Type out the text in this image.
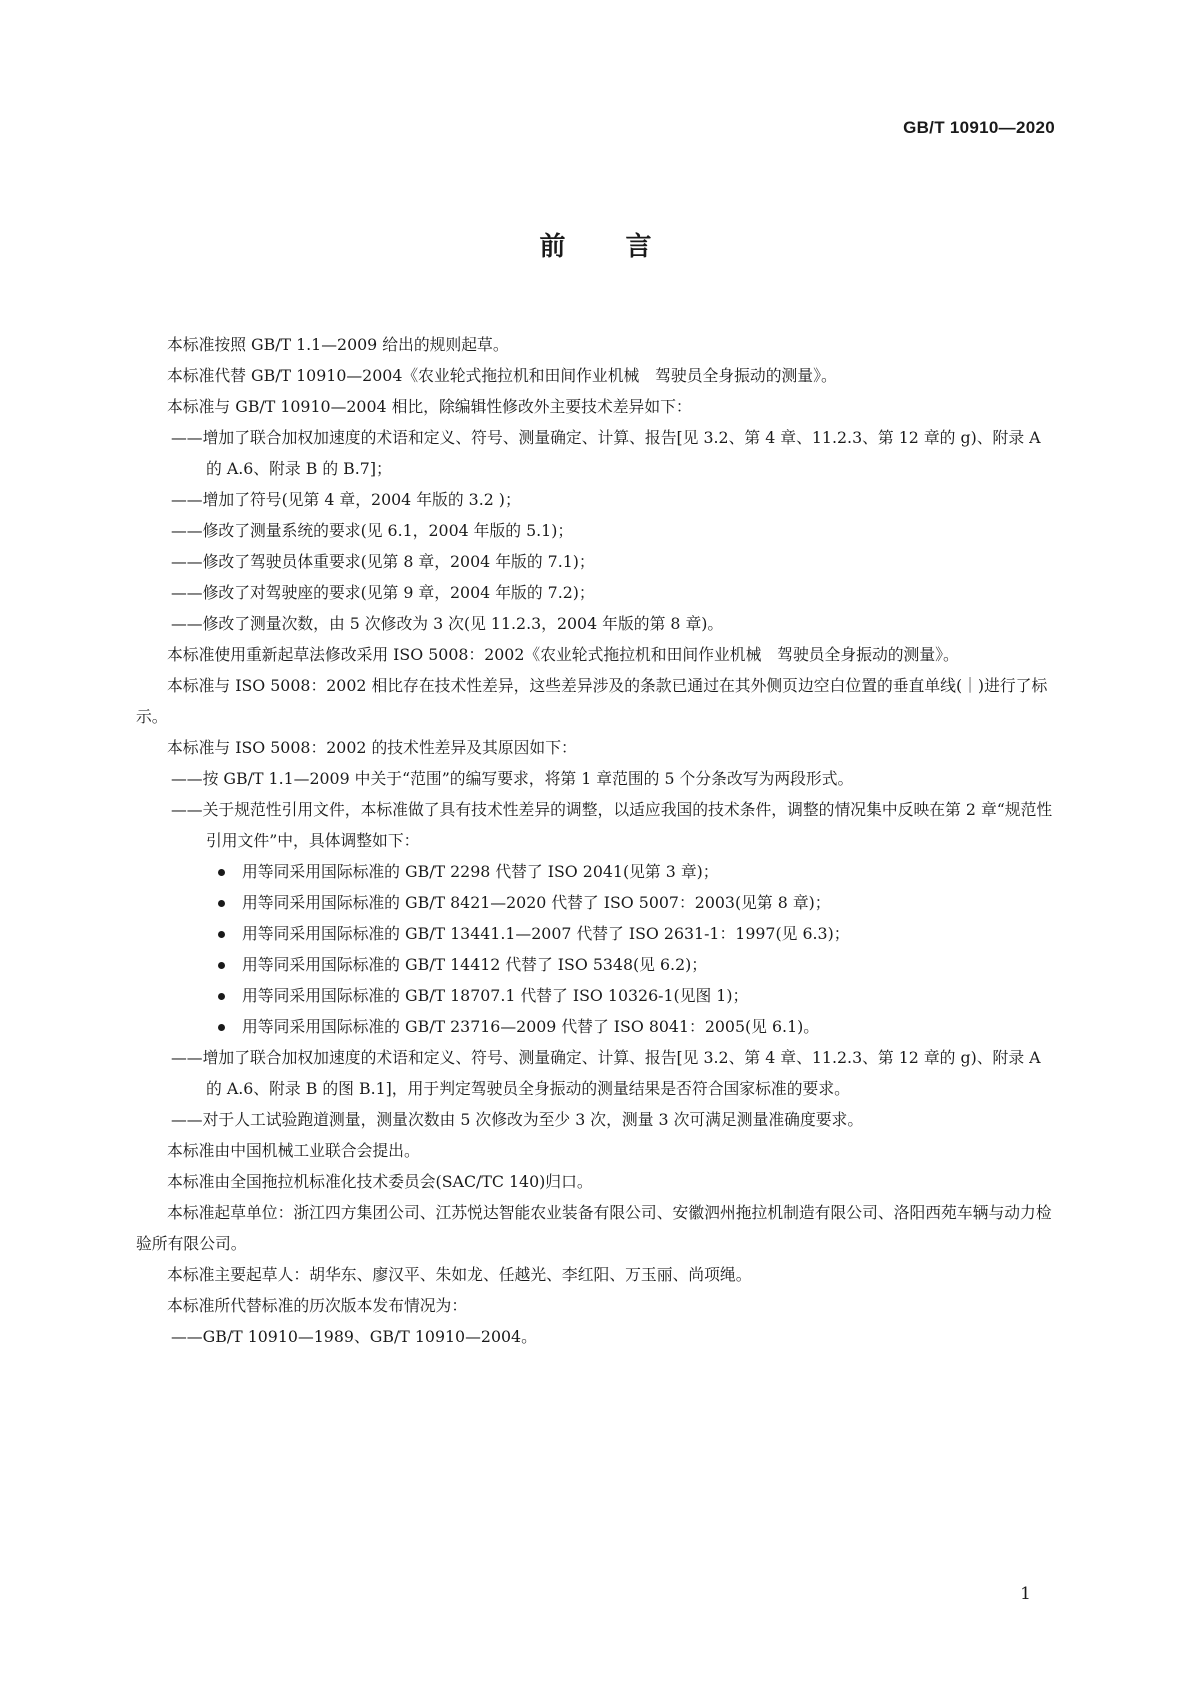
GB/T 10910—2020
前 言

本标准按照 GB/T 1.1—2009 给出的规则起草。

本标准代替 GB/T 10910—2004《农业轮式拖拉机和田间作业机械　驾驶员全身振动的测量》。

本标准与 GB/T 10910—2004 相比，除编辑性修改外主要技术差异如下：

——增加了联合加权加速度的术语和定义、符号、测量确定、计算、报告[见 3.2、第 4 章、11.2.3、第 12 章的 g)、附录 A 的 A.6、附录 B 的 B.7]；

——增加了符号(见第 4 章，2004 年版的 3.2 )；

——修改了测量系统的要求(见 6.1，2004 年版的 5.1)；

——修改了驾驶员体重要求(见第 8 章，2004 年版的 7.1)；

——修改了对驾驶座的要求(见第 9 章，2004 年版的 7.2)；

——修改了测量次数，由 5 次修改为 3 次(见 11.2.3，2004 年版的第 8 章)。

本标准使用重新起草法修改采用 ISO 5008：2002《农业轮式拖拉机和田间作业机械　驾驶员全身振动的测量》。

本标准与 ISO 5008：2002 相比存在技术性差异，这些差异涉及的条款已通过在其外侧页边空白位置的垂直单线(｜)进行了标示。

本标准与 ISO 5008：2002 的技术性差异及其原因如下：

——按 GB/T 1.1—2009 中关于“范围”的编写要求，将第 1 章范围的 5 个分条改写为两段形式。

——关于规范性引用文件，本标准做了具有技术性差异的调整，以适应我国的技术条件，调整的情况集中反映在第 2 章“规范性引用文件”中，具体调整如下：

用等同采用国际标准的 GB/T 2298 代替了 ISO 2041(见第 3 章)；

用等同采用国际标准的 GB/T 8421—2020 代替了 ISO 5007：2003(见第 8 章)；

用等同采用国际标准的 GB/T 13441.1—2007 代替了 ISO 2631-1：1997(见 6.3)；

用等同采用国际标准的 GB/T 14412 代替了 ISO 5348(见 6.2)；

用等同采用国际标准的 GB/T 18707.1 代替了 ISO 10326-1(见图 1)；

用等同采用国际标准的 GB/T 23716—2009 代替了 ISO 8041：2005(见 6.1)。

——增加了联合加权加速度的术语和定义、符号、测量确定、计算、报告[见 3.2、第 4 章、11.2.3、第 12 章的 g)、附录 A 的 A.6、附录 B 的图 B.1]，用于判定驾驶员全身振动的测量结果是否符合国家标准的要求。

——对于人工试验跑道测量，测量次数由 5 次修改为至少 3 次，测量 3 次可满足测量准确度要求。

本标准由中国机械工业联合会提出。

本标准由全国拖拉机标准化技术委员会(SAC/TC 140)归口。

本标准起草单位：浙江四方集团公司、江苏悦达智能农业装备有限公司、安徽泗州拖拉机制造有限公司、洛阳西苑车辆与动力检验所有限公司。

本标准主要起草人：胡华东、廖汉平、朱如龙、任越光、李红阳、万玉丽、尚项绳。

本标准所代替标准的历次版本发布情况为：

——GB/T 10910—1989、GB/T 10910—2004。

1
